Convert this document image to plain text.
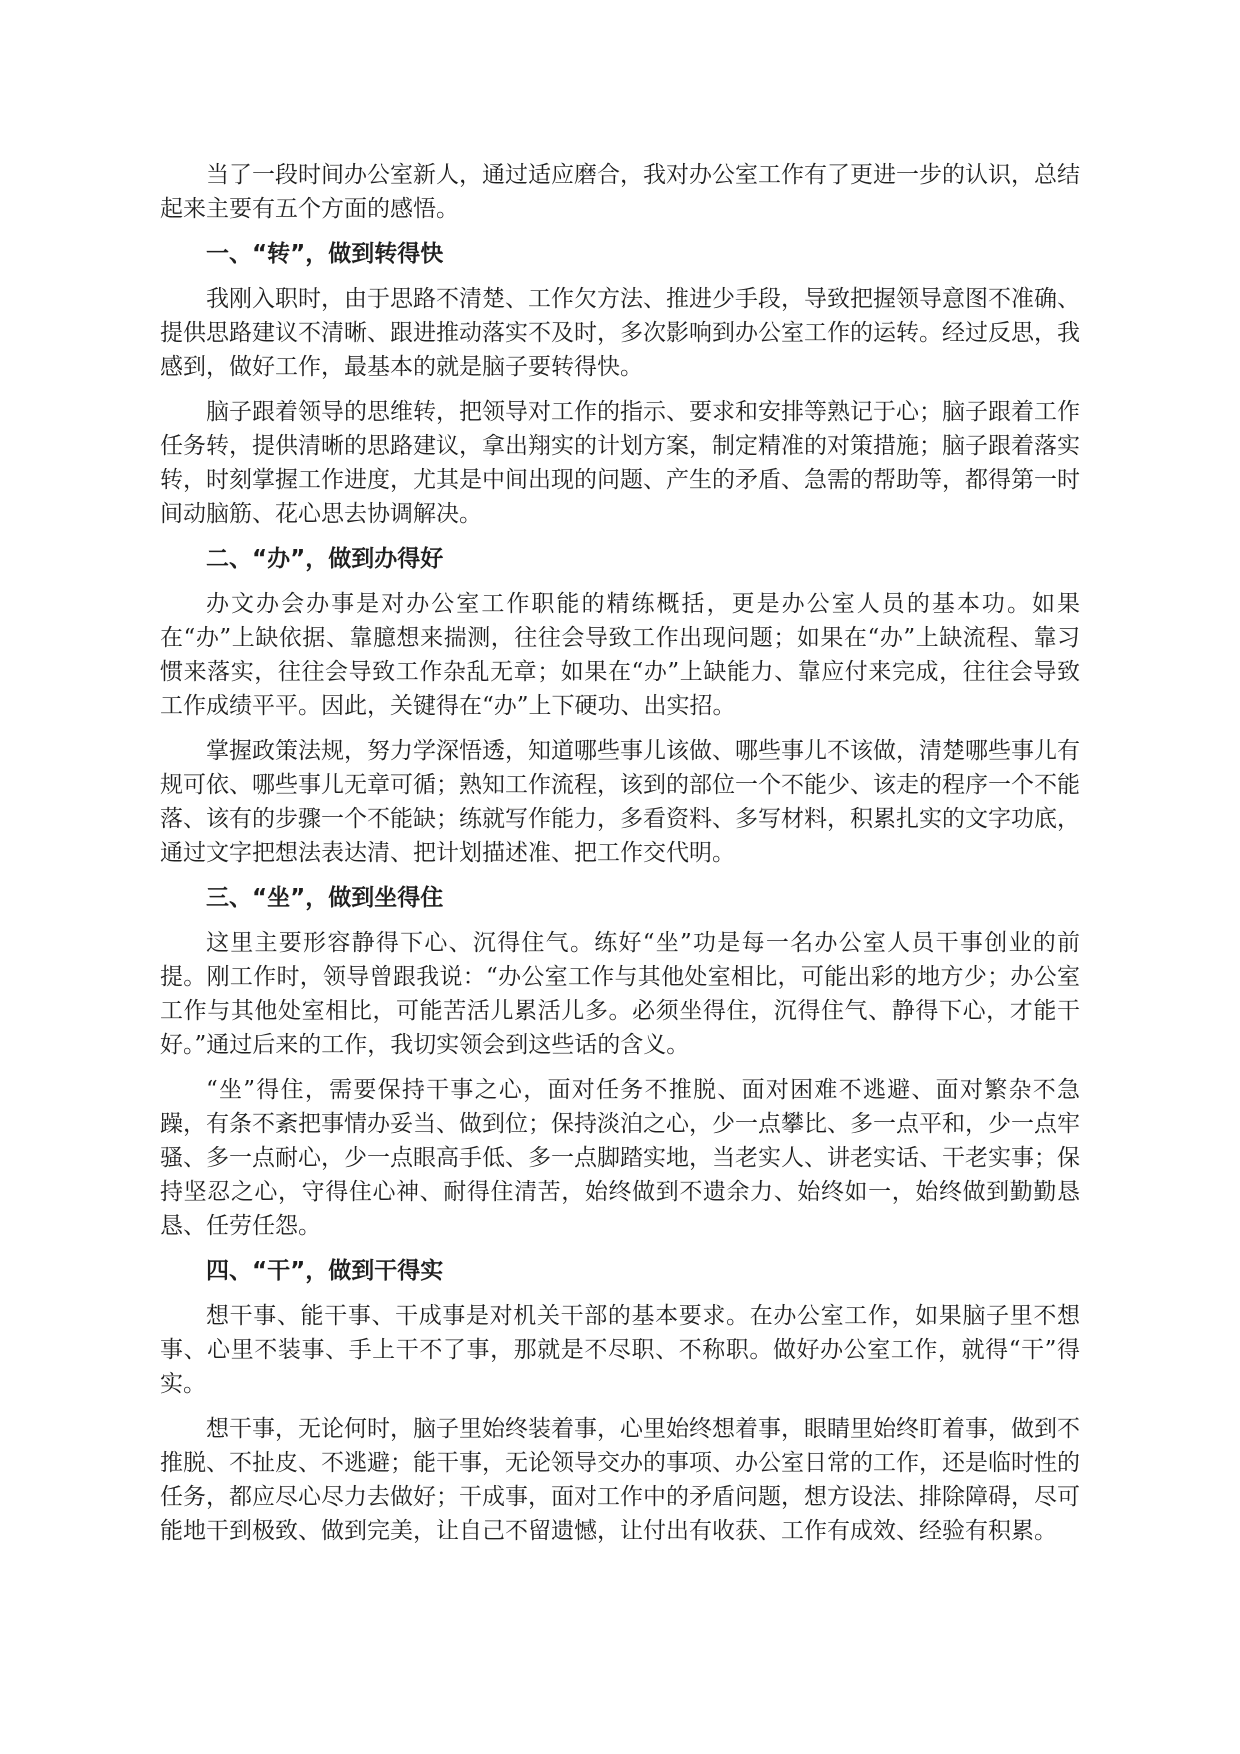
当了一段时间办公室新人，通过适应磨合，我对办公室工作有了更进一步的认识，总结起来主要有五个方面的感悟。

一、“转”，做到转得快

我刚入职时，由于思路不清楚、工作欠方法、推进少手段，导致把握领导意图不准确、提供思路建议不清晰、跟进推动落实不及时，多次影响到办公室工作的运转。经过反思，我感到，做好工作，最基本的就是脑子要转得快。

脑子跟着领导的思维转，把领导对工作的指示、要求和安排等熟记于心；脑子跟着工作任务转，提供清晰的思路建议，拿出翔实的计划方案，制定精准的对策措施；脑子跟着落实转，时刻掌握工作进度，尤其是中间出现的问题、产生的矛盾、急需的帮助等，都得第一时间动脑筋、花心思去协调解决。

二、“办”，做到办得好

办文办会办事是对办公室工作职能的精练概括，更是办公室人员的基本功。如果在“办”上缺依据、靠臆想来揣测，往往会导致工作出现问题；如果在“办”上缺流程、靠习惯来落实，往往会导致工作杂乱无章；如果在“办”上缺能力、靠应付来完成，往往会导致工作成绩平平。因此，关键得在“办”上下硬功、出实招。

掌握政策法规，努力学深悟透，知道哪些事儿该做、哪些事儿不该做，清楚哪些事儿有规可依、哪些事儿无章可循；熟知工作流程，该到的部位一个不能少、该走的程序一个不能落、该有的步骤一个不能缺；练就写作能力，多看资料、多写材料，积累扎实的文字功底，通过文字把想法表达清、把计划描述准、把工作交代明。

三、“坐”，做到坐得住

这里主要形容静得下心、沉得住气。练好“坐”功是每一名办公室人员干事创业的前提。刚工作时，领导曾跟我说：“办公室工作与其他处室相比，可能出彩的地方少；办公室工作与其他处室相比，可能苦活儿累活儿多。必须坐得住，沉得住气、静得下心，才能干好。”通过后来的工作，我切实领会到这些话的含义。

“坐”得住，需要保持干事之心，面对任务不推脱、面对困难不逃避、面对繁杂不急躁，有条不紊把事情办妥当、做到位；保持淡泊之心，少一点攀比、多一点平和，少一点牢骚、多一点耐心，少一点眼高手低、多一点脚踏实地，当老实人、讲老实话、干老实事；保持坚忍之心，守得住心神、耐得住清苦，始终做到不遗余力、始终如一，始终做到勤勤恳恳、任劳任怨。

四、“干”，做到干得实

想干事、能干事、干成事是对机关干部的基本要求。在办公室工作，如果脑子里不想事、心里不装事、手上干不了事，那就是不尽职、不称职。做好办公室工作，就得“干”得实。

想干事，无论何时，脑子里始终装着事，心里始终想着事，眼睛里始终盯着事，做到不推脱、不扯皮、不逃避；能干事，无论领导交办的事项、办公室日常的工作，还是临时性的任务，都应尽心尽力去做好；干成事，面对工作中的矛盾问题，想方设法、排除障碍，尽可能地干到极致、做到完美，让自己不留遗憾，让付出有收获、工作有成效、经验有积累。
